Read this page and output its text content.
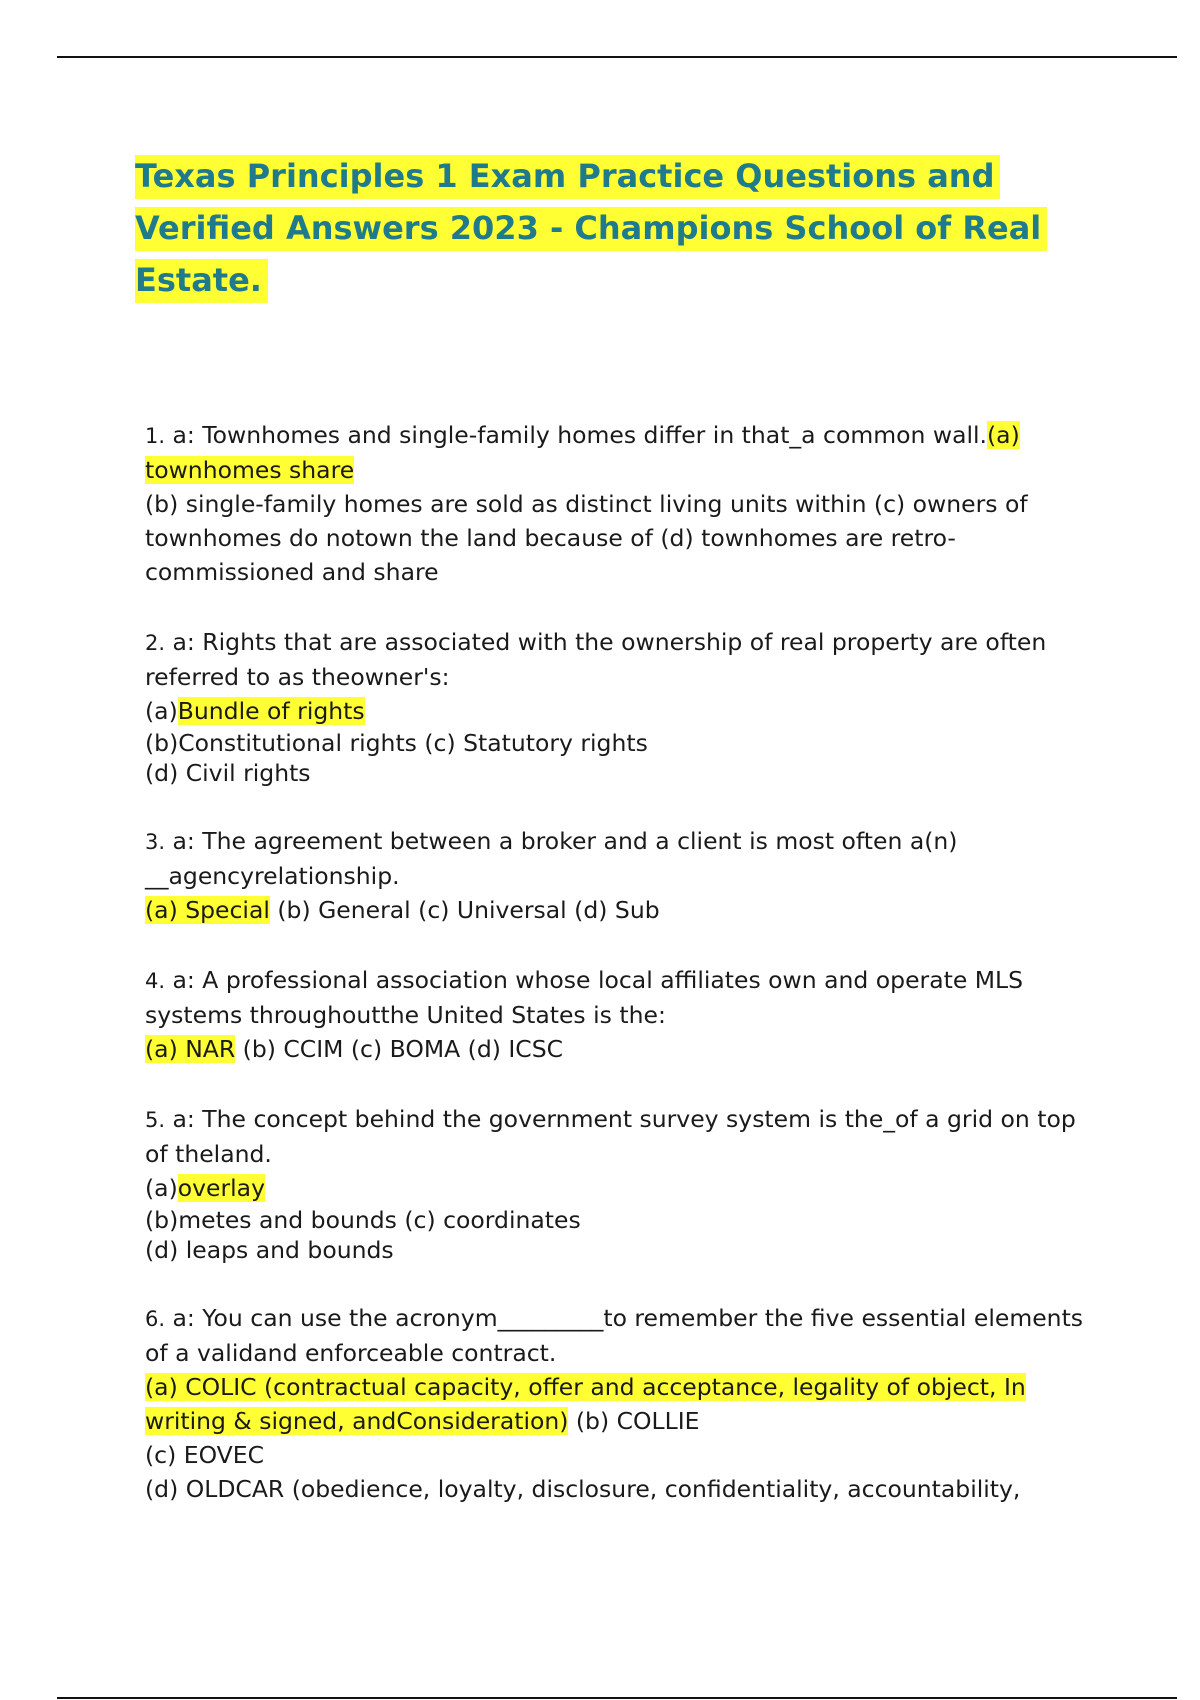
Texas Principles 1 Exam Practice Questions and Verified Answers 2023 - Champions School of Real Estate.

1. a: Townhomes and single-family homes differ in that_a common wall.(a) townhomes share

(b) single-family homes are sold as distinct living units within (c) owners of townhomes do notown the land because of (d) townhomes are retro-commissioned and share

2. a: Rights that are associated with the ownership of real property are often referred to as theowner's:

(a)Bundle of rights

(b)Constitutional rights (c) Statutory rights

(d) Civil rights

3. a: The agreement between a broker and a client is most often a(n) __agencyrelationship.

(a) Special (b) General (c) Universal (d) Sub

4. a: A professional association whose local affiliates own and operate MLS systems throughoutthe United States is the:

(a) NAR (b) CCIM (c) BOMA (d) ICSC

5. a: The concept behind the government survey system is the_of a grid on top of theland.

(a)overlay

(b)metes and bounds (c) coordinates

(d) leaps and bounds

6. a: You can use the acronym_________to remember the five essential elements of a validand enforceable contract.

(a) COLIC (contractual capacity, offer and acceptance, legality of object, In writing & signed, andConsideration) (b) COLLIE

(c) EOVEC

(d) OLDCAR (obedience, loyalty, disclosure, confidentiality, accountability,
